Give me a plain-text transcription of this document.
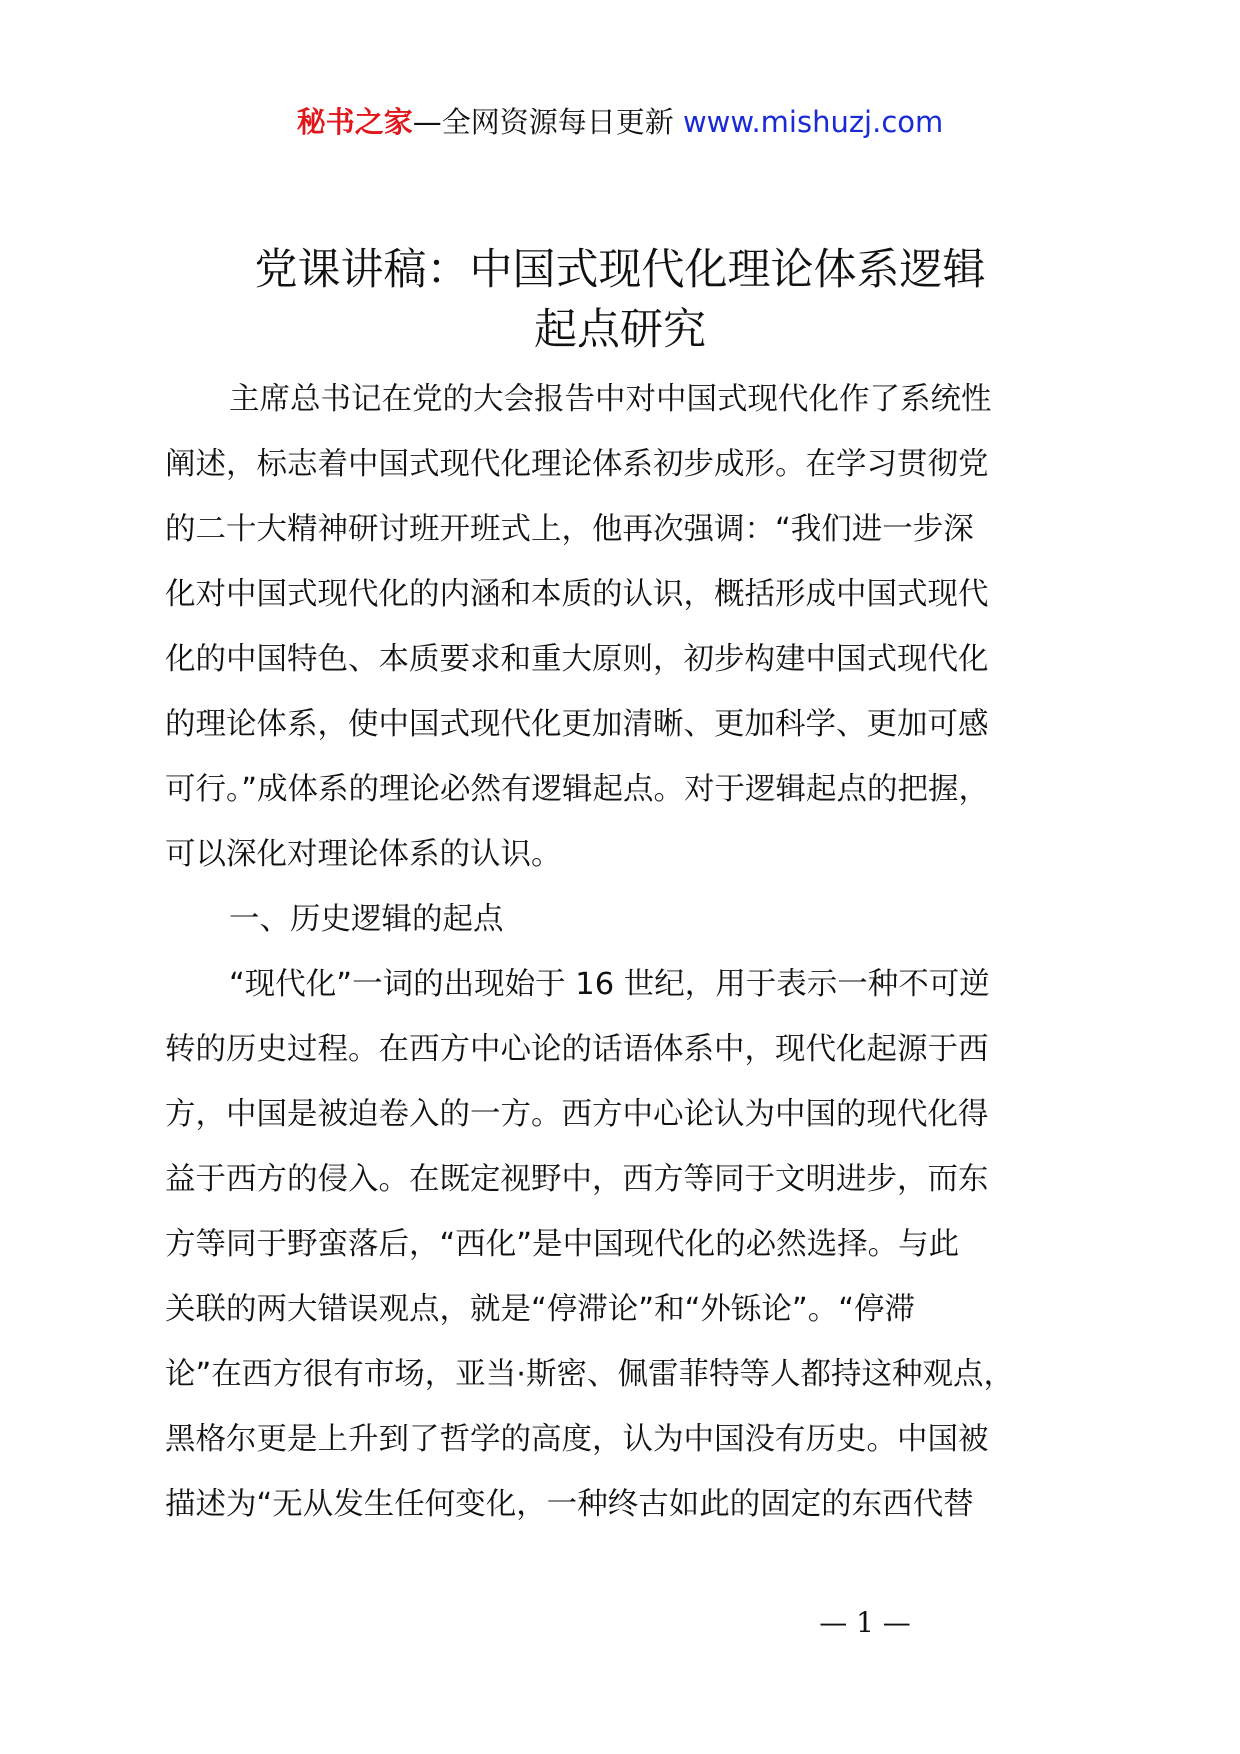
秘书之家—全网资源每日更新 www.mishuzj.com
党课讲稿：中国式现代化理论体系逻辑
起点研究
主席总书记在党的大会报告中对中国式现代化作了系统性
阐述，标志着中国式现代化理论体系初步成形。在学习贯彻党
的二十大精神研讨班开班式上，他再次强调：“我们进一步深
化对中国式现代化的内涵和本质的认识，概括形成中国式现代
化的中国特色、本质要求和重大原则，初步构建中国式现代化
的理论体系，使中国式现代化更加清晰、更加科学、更加可感
可行。”成体系的理论必然有逻辑起点。对于逻辑起点的把握，
可以深化对理论体系的认识。
一、历史逻辑的起点
“现代化”一词的出现始于 16 世纪，用于表示一种不可逆
转的历史过程。在西方中心论的话语体系中，现代化起源于西
方，中国是被迫卷入的一方。西方中心论认为中国的现代化得
益于西方的侵入。在既定视野中，西方等同于文明进步，而东
方等同于野蛮落后，“西化”是中国现代化的必然选择。与此
关联的两大错误观点，就是“停滞论”和“外铄论”。“停滞
论”在西方很有市场，亚当·斯密、佩雷菲特等人都持这种观点，
黑格尔更是上升到了哲学的高度，认为中国没有历史。中国被
描述为“无从发生任何变化，一种终古如此的固定的东西代替
— 1 —
